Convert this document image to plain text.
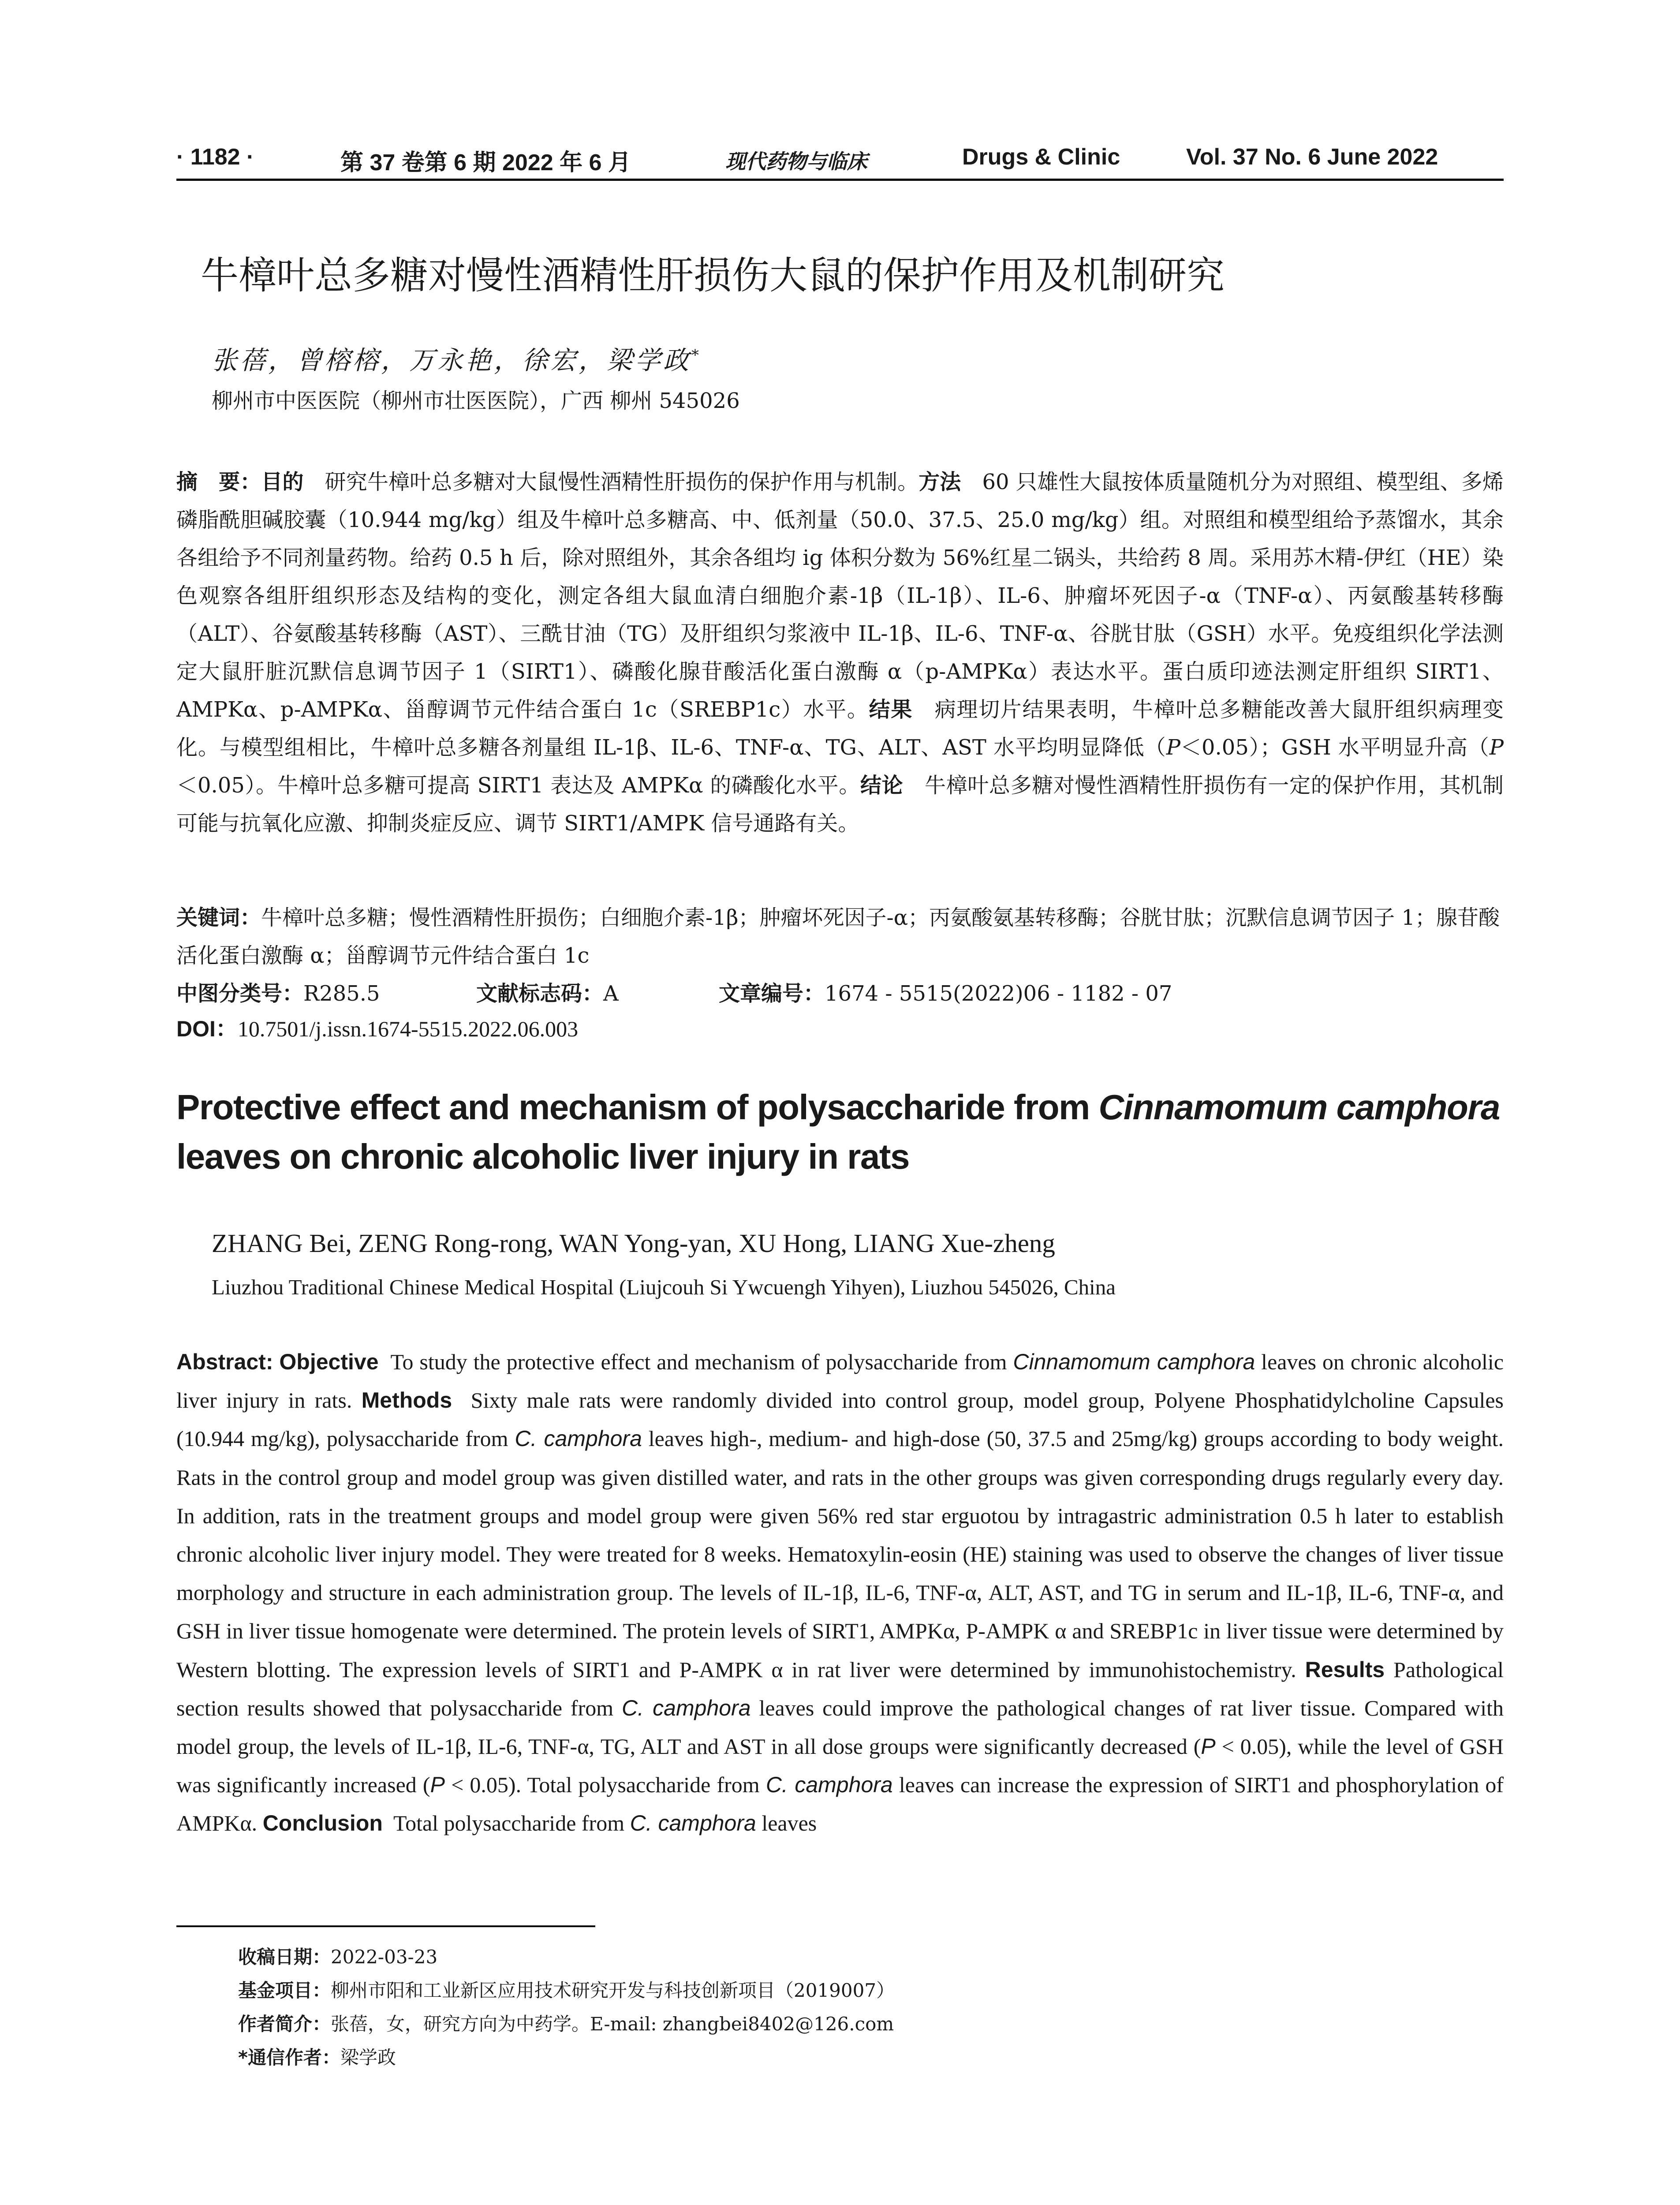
· 1182 ·	第 37 卷第 6 期 2022 年 6 月	现代药物与临床	Drugs & Clinic	Vol. 37 No. 6 June 2022
牛樟叶总多糖对慢性酒精性肝损伤大鼠的保护作用及机制研究
张蓓，曾榕榕，万永艳，徐宏，梁学政*
柳州市中医医院（柳州市壮医医院），广西 柳州 545026
摘　要：目的　 研究牛樟叶总多糖对大鼠慢性酒精性肝损伤的保护作用与机制。方法　 60 只雄性大鼠按体质量随机分为对照组、模型组、多烯磷脂酰胆碱胶囊（10.944 mg/kg）组及牛樟叶总多糖高、中、低剂量（50.0、37.5、25.0 mg/kg）组。对照组和模型组给予蒸馏水，其余各组给予不同剂量药物。给药 0.5 h 后，除对照组外，其余各组均 ig 体积分数为 56%红星二锅头，共给药 8 周。采用苏木精-伊红（HE）染色观察各组肝组织形态及结构的变化，测定各组大鼠血清白细胞介素-1β（IL-1β）、IL-6、肿瘤坏死因子-α（TNF-α）、丙氨酸基转移酶（ALT）、谷氨酸基转移酶（AST）、三酰甘油（TG）及肝组织匀浆液中 IL-1β、IL-6、TNF-α、谷胱甘肽（GSH）水平。免疫组织化学法测定大鼠肝脏沉默信息调节因子 1（SIRT1）、磷酸化腺苷酸活化蛋白激酶 α（p-AMPKα）表达水平。蛋白质印迹法测定肝组织 SIRT1、AMPKα、p-AMPKα、甾醇调节元件结合蛋白 1c（SREBP1c）水平。结果　 病理切片结果表明，牛樟叶总多糖能改善大鼠肝组织病理变化。与模型组相比，牛樟叶总多糖各剂量组 IL-1β、IL-6、TNF-α、TG、ALT、AST 水平均明显降低（P＜0.05）；GSH 水平明显升高（P＜0.05）。牛樟叶总多糖可提高 SIRT1 表达及 AMPKα 的磷酸化水平。结论　 牛樟叶总多糖对慢性酒精性肝损伤有一定的保护作用，其机制可能与抗氧化应激、抑制炎症反应、调节 SIRT1/AMPK 信号通路有关。
关键词：牛樟叶总多糖；慢性酒精性肝损伤；白细胞介素-1β；肿瘤坏死因子-α；丙氨酸氨基转移酶；谷胱甘肽；沉默信息调节因子 1；腺苷酸活化蛋白激酶 α；甾醇调节元件结合蛋白 1c
中图分类号：R285.5	文献标志码：A	文章编号：1674 - 5515(2022)06 - 1182 - 07
DOI：10.7501/j.issn.1674-5515.2022.06.003
Protective effect and mechanism of polysaccharide from Cinnamomum camphora leaves on chronic alcoholic liver injury in rats
ZHANG Bei, ZENG Rong-rong, WAN Yong-yan, XU Hong, LIANG Xue-zheng
Liuzhou Traditional Chinese Medical Hospital (Liujcouh Si Ywcuengh Yihyen), Liuzhou 545026, China
Abstract: Objective To study the protective effect and mechanism of polysaccharide from Cinnamomum camphora leaves on chronic alcoholic liver injury in rats. Methods Sixty male rats were randomly divided into control group, model group, Polyene Phosphatidylcholine Capsules (10.944 mg/kg), polysaccharide from C. camphora leaves high-, medium- and high-dose (50, 37.5 and 25mg/kg) groups according to body weight. Rats in the control group and model group was given distilled water, and rats in the other groups was given corresponding drugs regularly every day. In addition, rats in the treatment groups and model group were given 56% red star erguotou by intragastric administration 0.5 h later to establish chronic alcoholic liver injury model. They were treated for 8 weeks. Hematoxylin-eosin (HE) staining was used to observe the changes of liver tissue morphology and structure in each administration group. The levels of IL-1β, IL-6, TNF-α, ALT, AST, and TG in serum and IL-1β, IL-6, TNF-α, and GSH in liver tissue homogenate were determined. The protein levels of SIRT1, AMPKα, P-AMPK α and SREBP1c in liver tissue were determined by Western blotting. The expression levels of SIRT1 and P-AMPK α in rat liver were determined by immunohistochemistry. Results Pathological section results showed that polysaccharide from C. camphora leaves could improve the pathological changes of rat liver tissue. Compared with model group, the levels of IL-1β, IL-6, TNF-α, TG, ALT and AST in all dose groups were significantly decreased (P < 0.05), while the level of GSH was significantly increased (P < 0.05). Total polysaccharide from C. camphora leaves can increase the expression of SIRT1 and phosphorylation of AMPKα. Conclusion Total polysaccharide from C. camphora leaves
收稿日期：2022-03-23
基金项目：柳州市阳和工业新区应用技术研究开发与科技创新项目（2019007）
作者简介：张蓓，女，研究方向为中药学。E-mail: zhangbei8402@126.com
*通信作者：梁学政
